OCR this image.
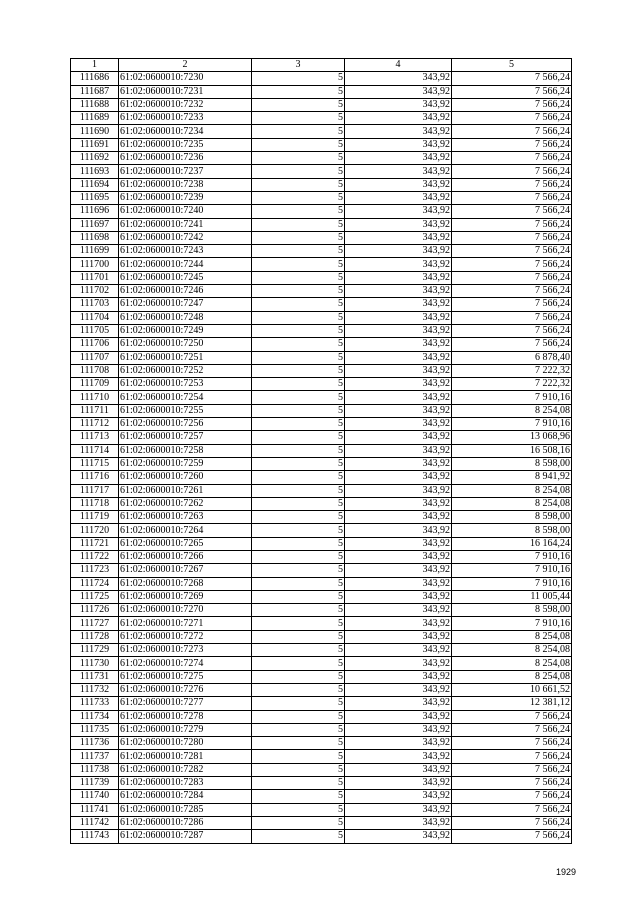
1	2	3	4	5
111686	61:02:0600010:7230	5	343,92	7 566,24
111687	61:02:0600010:7231	5	343,92	7 566,24
111688	61:02:0600010:7232	5	343,92	7 566,24
111689	61:02:0600010:7233	5	343,92	7 566,24
111690	61:02:0600010:7234	5	343,92	7 566,24
111691	61:02:0600010:7235	5	343,92	7 566,24
111692	61:02:0600010:7236	5	343,92	7 566,24
111693	61:02:0600010:7237	5	343,92	7 566,24
111694	61:02:0600010:7238	5	343,92	7 566,24
111695	61:02:0600010:7239	5	343,92	7 566,24
111696	61:02:0600010:7240	5	343,92	7 566,24
111697	61:02:0600010:7241	5	343,92	7 566,24
111698	61:02:0600010:7242	5	343,92	7 566,24
111699	61:02:0600010:7243	5	343,92	7 566,24
111700	61:02:0600010:7244	5	343,92	7 566,24
111701	61:02:0600010:7245	5	343,92	7 566,24
111702	61:02:0600010:7246	5	343,92	7 566,24
111703	61:02:0600010:7247	5	343,92	7 566,24
111704	61:02:0600010:7248	5	343,92	7 566,24
111705	61:02:0600010:7249	5	343,92	7 566,24
111706	61:02:0600010:7250	5	343,92	7 566,24
111707	61:02:0600010:7251	5	343,92	6 878,40
111708	61:02:0600010:7252	5	343,92	7 222,32
111709	61:02:0600010:7253	5	343,92	7 222,32
111710	61:02:0600010:7254	5	343,92	7 910,16
111711	61:02:0600010:7255	5	343,92	8 254,08
111712	61:02:0600010:7256	5	343,92	7 910,16
111713	61:02:0600010:7257	5	343,92	13 068,96
111714	61:02:0600010:7258	5	343,92	16 508,16
111715	61:02:0600010:7259	5	343,92	8 598,00
111716	61:02:0600010:7260	5	343,92	8 941,92
111717	61:02:0600010:7261	5	343,92	8 254,08
111718	61:02:0600010:7262	5	343,92	8 254,08
111719	61:02:0600010:7263	5	343,92	8 598,00
111720	61:02:0600010:7264	5	343,92	8 598,00
111721	61:02:0600010:7265	5	343,92	16 164,24
111722	61:02:0600010:7266	5	343,92	7 910,16
111723	61:02:0600010:7267	5	343,92	7 910,16
111724	61:02:0600010:7268	5	343,92	7 910,16
111725	61:02:0600010:7269	5	343,92	11 005,44
111726	61:02:0600010:7270	5	343,92	8 598,00
111727	61:02:0600010:7271	5	343,92	7 910,16
111728	61:02:0600010:7272	5	343,92	8 254,08
111729	61:02:0600010:7273	5	343,92	8 254,08
111730	61:02:0600010:7274	5	343,92	8 254,08
111731	61:02:0600010:7275	5	343,92	8 254,08
111732	61:02:0600010:7276	5	343,92	10 661,52
111733	61:02:0600010:7277	5	343,92	12 381,12
111734	61:02:0600010:7278	5	343,92	7 566,24
111735	61:02:0600010:7279	5	343,92	7 566,24
111736	61:02:0600010:7280	5	343,92	7 566,24
111737	61:02:0600010:7281	5	343,92	7 566,24
111738	61:02:0600010:7282	5	343,92	7 566,24
111739	61:02:0600010:7283	5	343,92	7 566,24
111740	61:02:0600010:7284	5	343,92	7 566,24
111741	61:02:0600010:7285	5	343,92	7 566,24
111742	61:02:0600010:7286	5	343,92	7 566,24
111743	61:02:0600010:7287	5	343,92	7 566,24
1929
